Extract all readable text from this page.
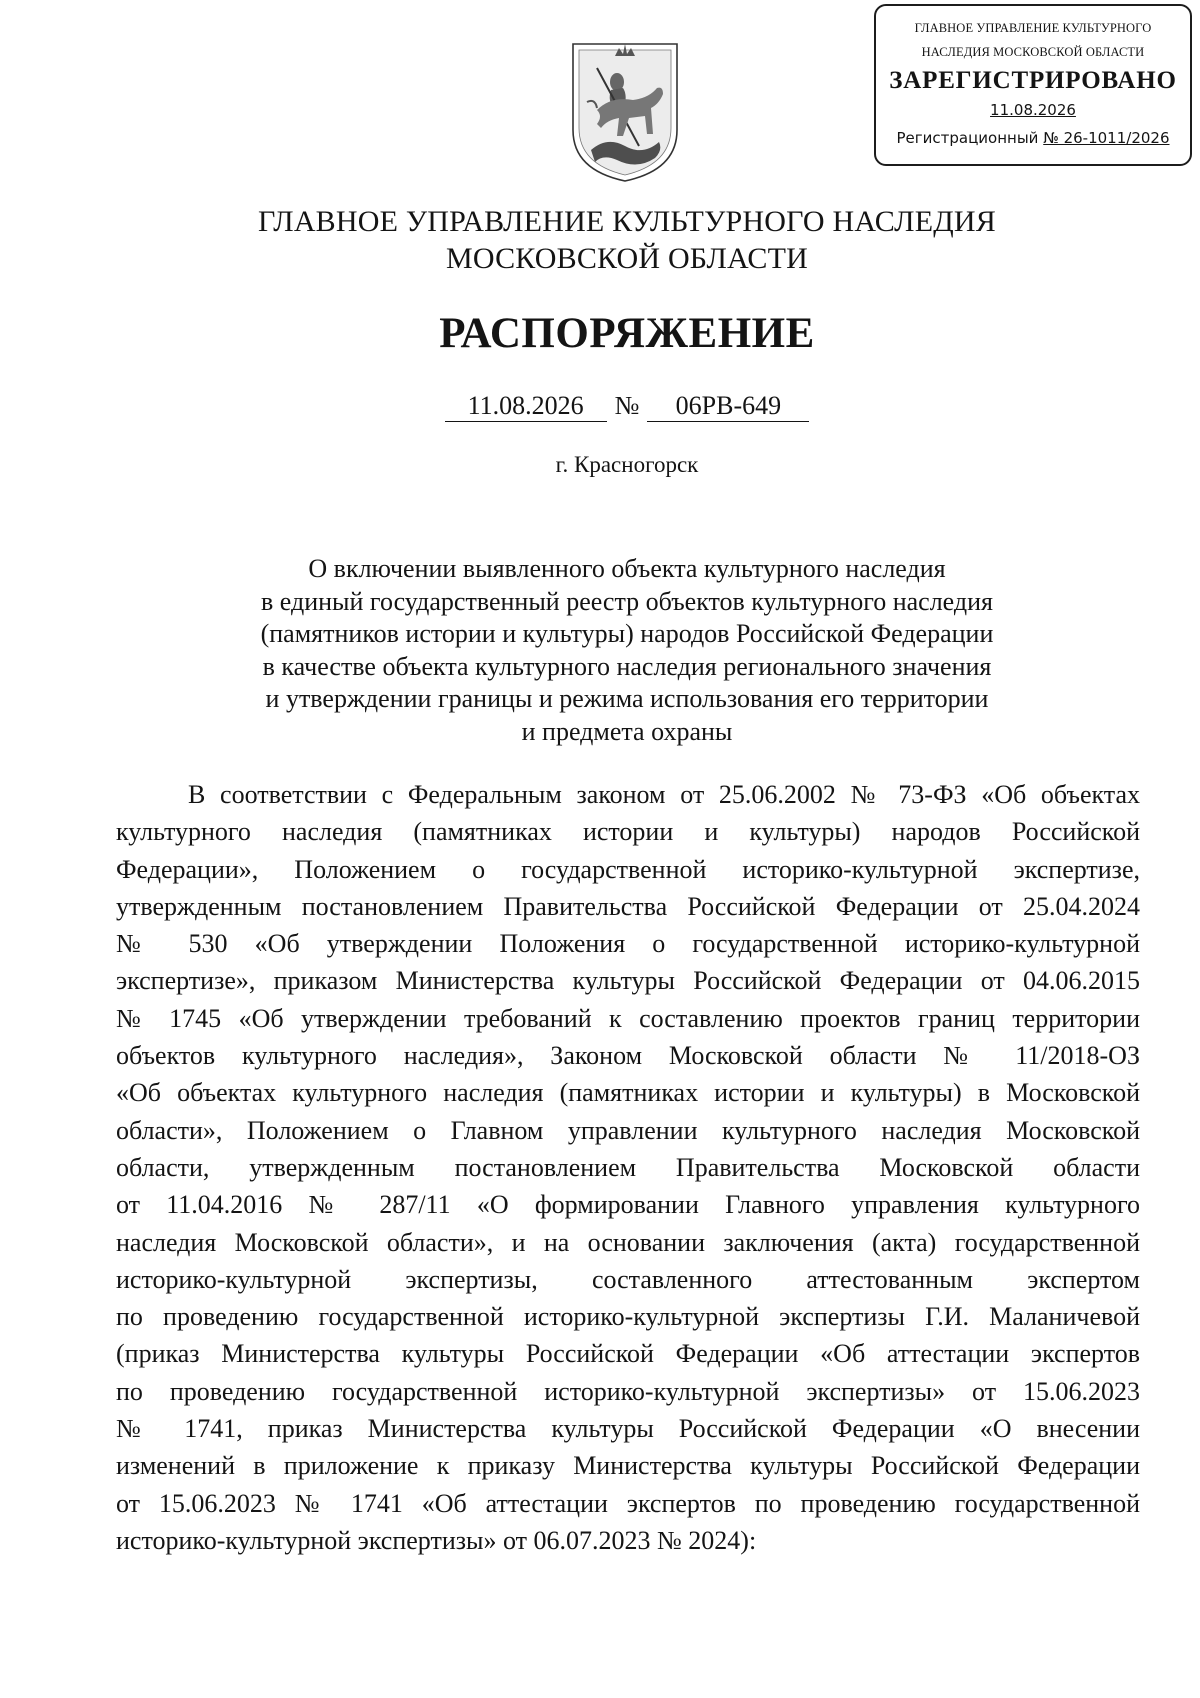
ГЛАВНОЕ УПРАВЛЕНИЕ КУЛЬТУРНОГО
НАСЛЕДИЯ МОСКОВСКОЙ ОБЛАСТИ
ЗАРЕГИСТРИРОВАНО
11.08.2026
Регистрационный № 26-1011/2026
ГЛАВНОЕ УПРАВЛЕНИЕ КУЛЬТУРНОГО НАСЛЕДИЯ
МОСКОВСКОЙ ОБЛАСТИ
РАСПОРЯЖЕНИЕ
11.08.2026 № 06РВ-649
г. Красногорск
О включении выявленного объекта культурного наследия
в единый государственный реестр объектов культурного наследия
(памятников истории и культуры) народов Российской Федерации
в качестве объекта культурного наследия регионального значения
и утверждении границы и режима использования его территории
и предмета охраны
В соответствии с Федеральным законом от 25.06.2002 № 73-ФЗ «Об объектах
культурного наследия (памятниках истории и культуры) народов Российской
Федерации», Положением о государственной историко-культурной экспертизе,
утвержденным постановлением Правительства Российской Федерации от 25.04.2024
№ 530 «Об утверждении Положения о государственной историко-культурной
экспертизе», приказом Министерства культуры Российской Федерации от 04.06.2015
№ 1745 «Об утверждении требований к составлению проектов границ территории
объектов культурного наследия», Законом Московской области № 11/2018-ОЗ
«Об объектах культурного наследия (памятниках истории и культуры) в Московской
области», Положением о Главном управлении культурного наследия Московской
области, утвержденным постановлением Правительства Московской области
от 11.04.2016 № 287/11 «О формировании Главного управления культурного
наследия Московской области», и на основании заключения (акта) государственной
историко-культурной экспертизы, составленного аттестованным экспертом
по проведению государственной историко-культурной экспертизы Г.И. Маланичевой
(приказ Министерства культуры Российской Федерации «Об аттестации экспертов
по проведению государственной историко-культурной экспертизы» от 15.06.2023
№ 1741, приказ Министерства культуры Российской Федерации «О внесении
изменений в приложение к приказу Министерства культуры Российской Федерации
от 15.06.2023 № 1741 «Об аттестации экспертов по проведению государственной
историко-культурной экспертизы» от 06.07.2023 № 2024):
